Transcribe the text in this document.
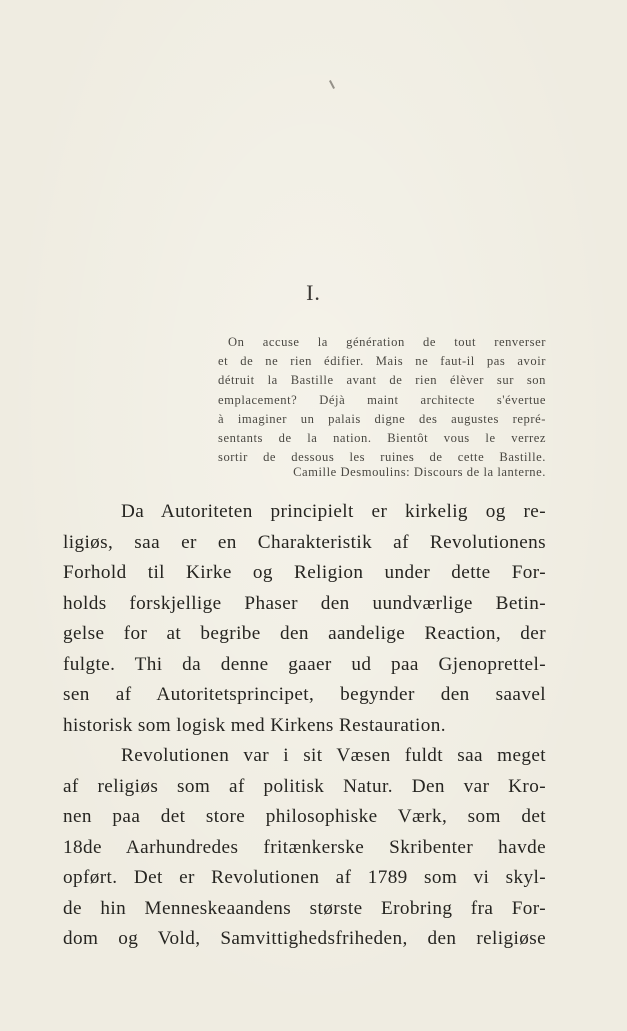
I.
On accuse la génération de tout renverser
et de ne rien édifier. Mais ne faut-il pas avoir
détruit la Bastille avant de rien élèver sur son
emplacement? Déjà maint architecte s'évertue
à imaginer un palais digne des augustes repré-
sentants de la nation. Bientôt vous le verrez
sortir de dessous les ruines de cette Bastille.
Camille Desmoulins: Discours de la lanterne.
Da Autoriteten principielt er kirkelig og re-
ligiøs, saa er en Charakteristik af Revolutionens
Forhold til Kirke og Religion under dette For-
holds forskjellige Phaser den uundværlige Betin-
gelse for at begribe den aandelige Reaction, der
fulgte. Thi da denne gaaer ud paa Gjenoprettel-
sen af Autoritetsprincipet, begynder den saavel
historisk som logisk med Kirkens Restauration.
Revolutionen var i sit Væsen fuldt saa meget
af religiøs som af politisk Natur. Den var Kro-
nen paa det store philosophiske Værk, som det
18de Aarhundredes fritænkerske Skribenter havde
opført. Det er Revolutionen af 1789 som vi skyl-
de hin Menneskeaandens største Erobring fra For-
dom og Vold, Samvittighedsfriheden, den religiøse
